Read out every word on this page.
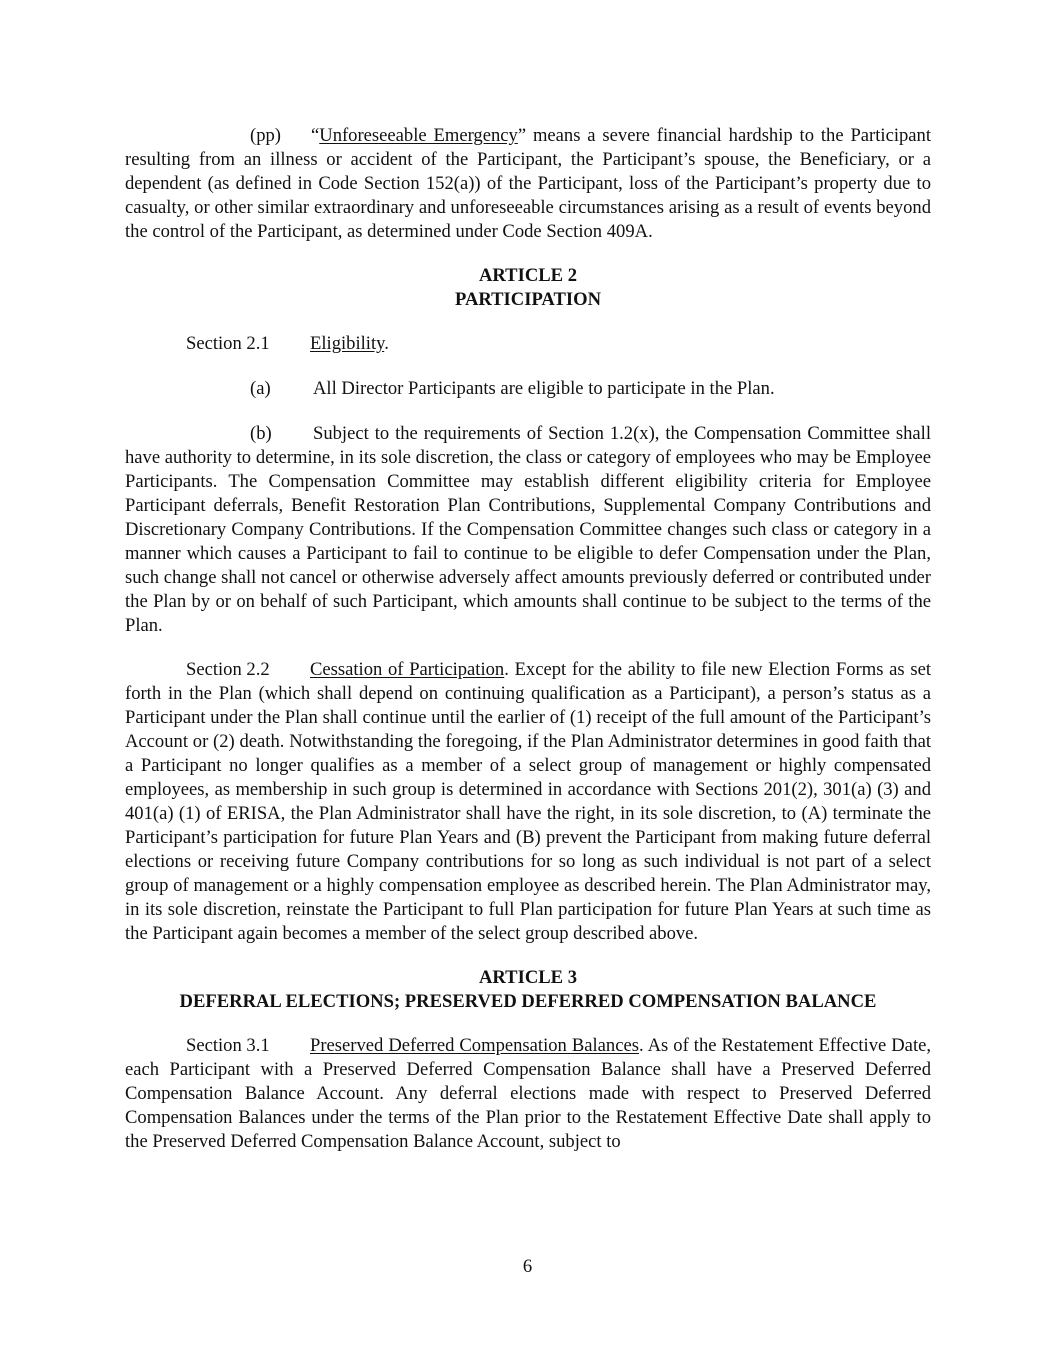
(pp) “Unforeseeable Emergency” means a severe financial hardship to the Participant resulting from an illness or accident of the Participant, the Participant’s spouse, the Beneficiary, or a dependent (as defined in Code Section 152(a)) of the Participant, loss of the Participant’s property due to casualty, or other similar extraordinary and unforeseeable circumstances arising as a result of events beyond the control of the Participant, as determined under Code Section 409A.

ARTICLE 2
PARTICIPATION

Section 2.1 Eligibility.

(a) All Director Participants are eligible to participate in the Plan.

(b) Subject to the requirements of Section 1.2(x), the Compensation Committee shall have authority to determine, in its sole discretion, the class or category of employees who may be Employee Participants. The Compensation Committee may establish different eligibility criteria for Employee Participant deferrals, Benefit Restoration Plan Contributions, Supplemental Company Contributions and Discretionary Company Contributions. If the Compensation Committee changes such class or category in a manner which causes a Participant to fail to continue to be eligible to defer Compensation under the Plan, such change shall not cancel or otherwise adversely affect amounts previously deferred or contributed under the Plan by or on behalf of such Participant, which amounts shall continue to be subject to the terms of the Plan.

Section 2.2 Cessation of Participation. Except for the ability to file new Election Forms as set forth in the Plan (which shall depend on continuing qualification as a Participant), a person’s status as a Participant under the Plan shall continue until the earlier of (1) receipt of the full amount of the Participant’s Account or (2) death. Notwithstanding the foregoing, if the Plan Administrator determines in good faith that a Participant no longer qualifies as a member of a select group of management or highly compensated employees, as membership in such group is determined in accordance with Sections 201(2), 301(a) (3) and 401(a) (1) of ERISA, the Plan Administrator shall have the right, in its sole discretion, to (A) terminate the Participant’s participation for future Plan Years and (B) prevent the Participant from making future deferral elections or receiving future Company contributions for so long as such individual is not part of a select group of management or a highly compensation employee as described herein. The Plan Administrator may, in its sole discretion, reinstate the Participant to full Plan participation for future Plan Years at such time as the Participant again becomes a member of the select group described above.

ARTICLE 3
DEFERRAL ELECTIONS; PRESERVED DEFERRED COMPENSATION BALANCE

Section 3.1 Preserved Deferred Compensation Balances. As of the Restatement Effective Date, each Participant with a Preserved Deferred Compensation Balance shall have a Preserved Deferred Compensation Balance Account. Any deferral elections made with respect to Preserved Deferred Compensation Balances under the terms of the Plan prior to the Restatement Effective Date shall apply to the Preserved Deferred Compensation Balance Account, subject to

6
